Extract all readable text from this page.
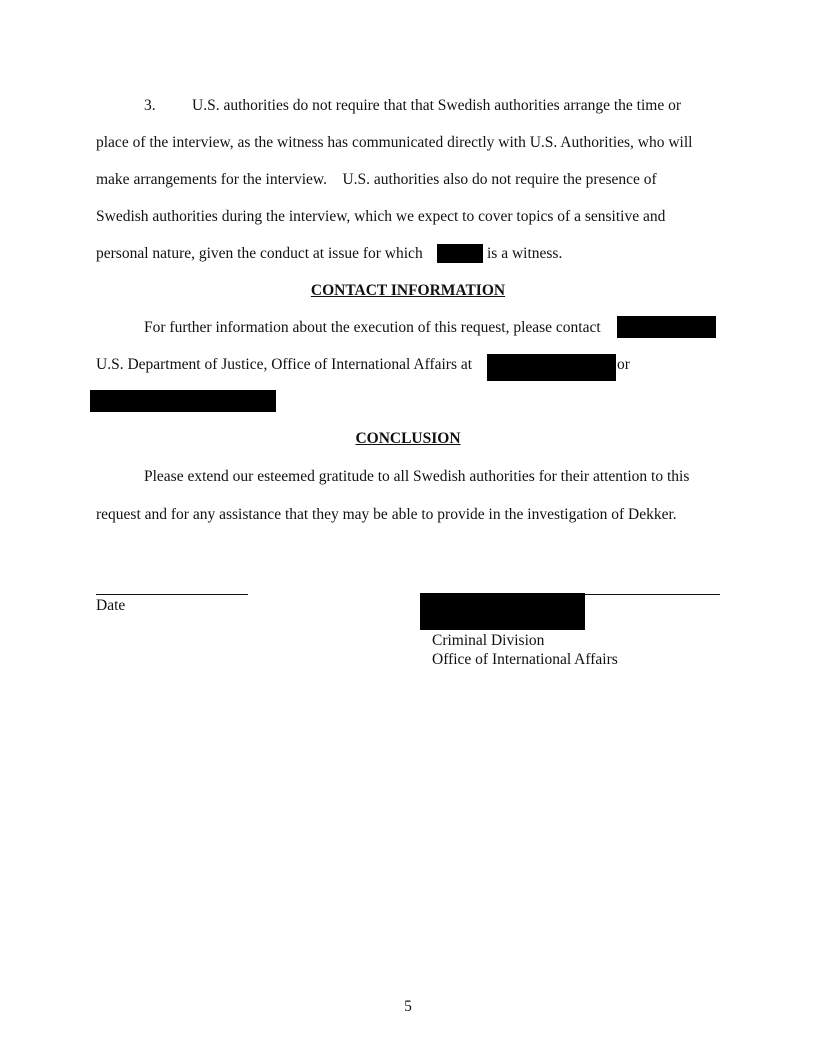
3. U.S. authorities do not require that that Swedish authorities arrange the time or
place of the interview, as the witness has communicated directly with U.S. Authorities, who will
make arrangements for the interview.    U.S. authorities also do not require the presence of
Swedish authorities during the interview, which we expect to cover topics of a sensitive and
personal nature, given the conduct at issue for which	is a witness.
CONTACT INFORMATION
For further information about the execution of this request, please contact
U.S. Department of Justice, Office of International Affairs at	or
CONCLUSION
Please extend our esteemed gratitude to all Swedish authorities for their attention to this
request and for any assistance that they may be able to provide in the investigation of Dekker.
Date
Criminal Division
Office of International Affairs
5
